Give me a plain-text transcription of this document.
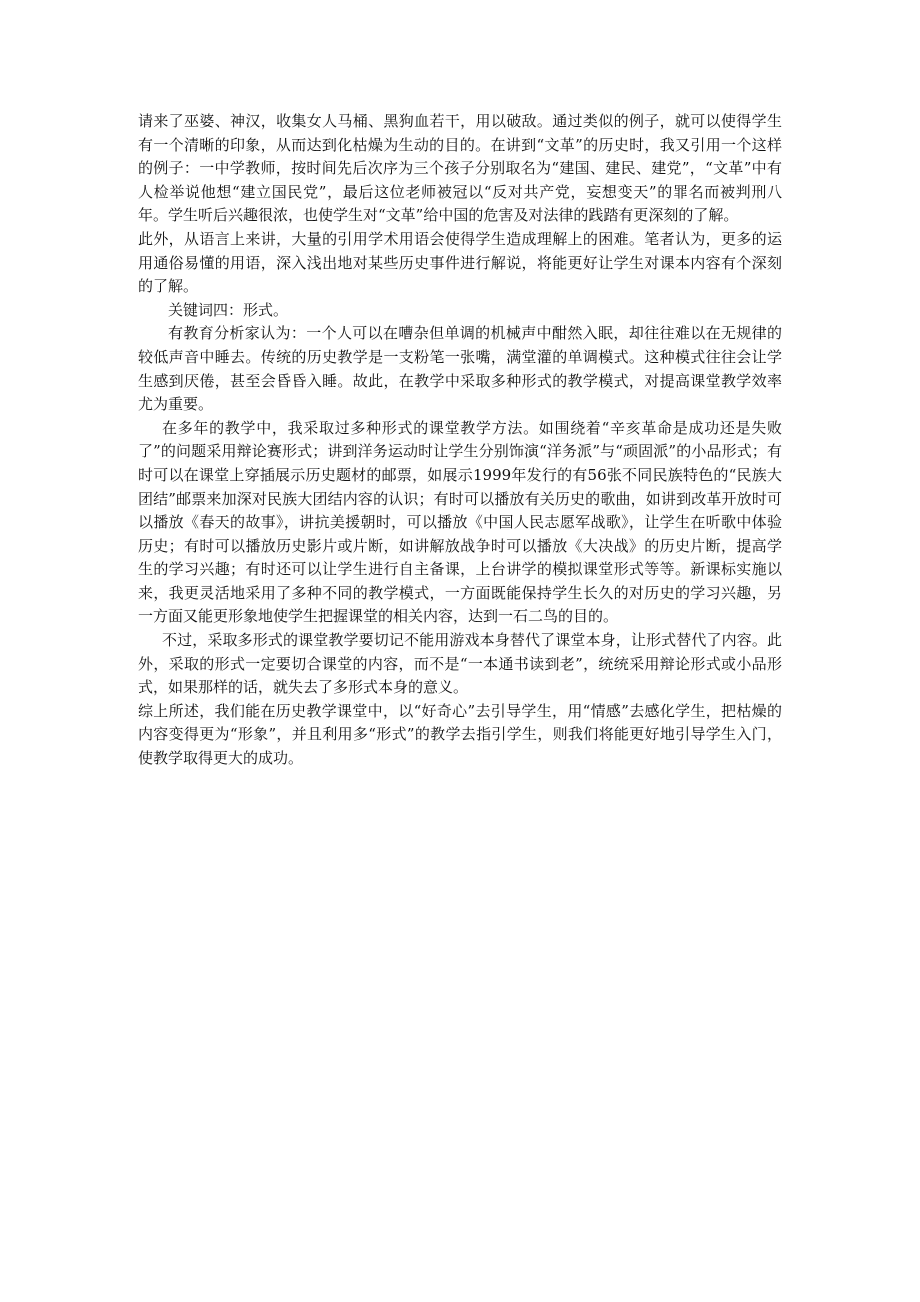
请来了巫婆、神汉，收集女人马桶、黑狗血若干，用以破敌。通过类似的例子，就可以使得学生有一个清晰的印象，从而达到化枯燥为生动的目的。在讲到“文革”的历史时，我又引用一个这样的例子：一中学教师，按时间先后次序为三个孩子分别取名为“建国、建民、建党”，“文革”中有人检举说他想“建立国民党”，最后这位老师被冠以“反对共产党，妄想变天”的罪名而被判刑八年。学生听后兴趣很浓，也使学生对“文革”给中国的危害及对法律的践踏有更深刻的了解。

此外，从语言上来讲，大量的引用学术用语会使得学生造成理解上的困难。笔者认为，更多的运用通俗易懂的用语，深入浅出地对某些历史事件进行解说，将能更好让学生对课本内容有个深刻的了解。

关键词四：形式。

有教育分析家认为：一个人可以在嘈杂但单调的机械声中酣然入眠，却往往难以在无规律的较低声音中睡去。传统的历史教学是一支粉笔一张嘴，满堂灌的单调模式。这种模式往往会让学生感到厌倦，甚至会昏昏入睡。故此，在教学中采取多种形式的教学模式，对提高课堂教学效率尤为重要。

在多年的教学中，我采取过多种形式的课堂教学方法。如围绕着“辛亥革命是成功还是失败了”的问题采用辩论赛形式；讲到洋务运动时让学生分别饰演“洋务派”与“顽固派”的小品形式；有时可以在课堂上穿插展示历史题材的邮票，如展示1999年发行的有56张不同民族特色的“民族大团结”邮票来加深对民族大团结内容的认识；有时可以播放有关历史的歌曲，如讲到改革开放时可以播放《春天的故事》，讲抗美援朝时，可以播放《中国人民志愿军战歌》，让学生在听歌中体验历史；有时可以播放历史影片或片断，如讲解放战争时可以播放《大决战》的历史片断，提高学生的学习兴趣；有时还可以让学生进行自主备课，上台讲学的模拟课堂形式等等。新课标实施以来，我更灵活地采用了多种不同的教学模式，一方面既能保持学生长久的对历史的学习兴趣，另一方面又能更形象地使学生把握课堂的相关内容，达到一石二鸟的目的。

不过，采取多形式的课堂教学要切记不能用游戏本身替代了课堂本身，让形式替代了内容。此外，采取的形式一定要切合课堂的内容，而不是“一本通书读到老”，统统采用辩论形式或小品形式，如果那样的话，就失去了多形式本身的意义。

综上所述，我们能在历史教学课堂中，以“好奇心”去引导学生，用“情感”去感化学生，把枯燥的内容变得更为“形象”，并且利用多“形式”的教学去指引学生，则我们将能更好地引导学生入门，使教学取得更大的成功。
